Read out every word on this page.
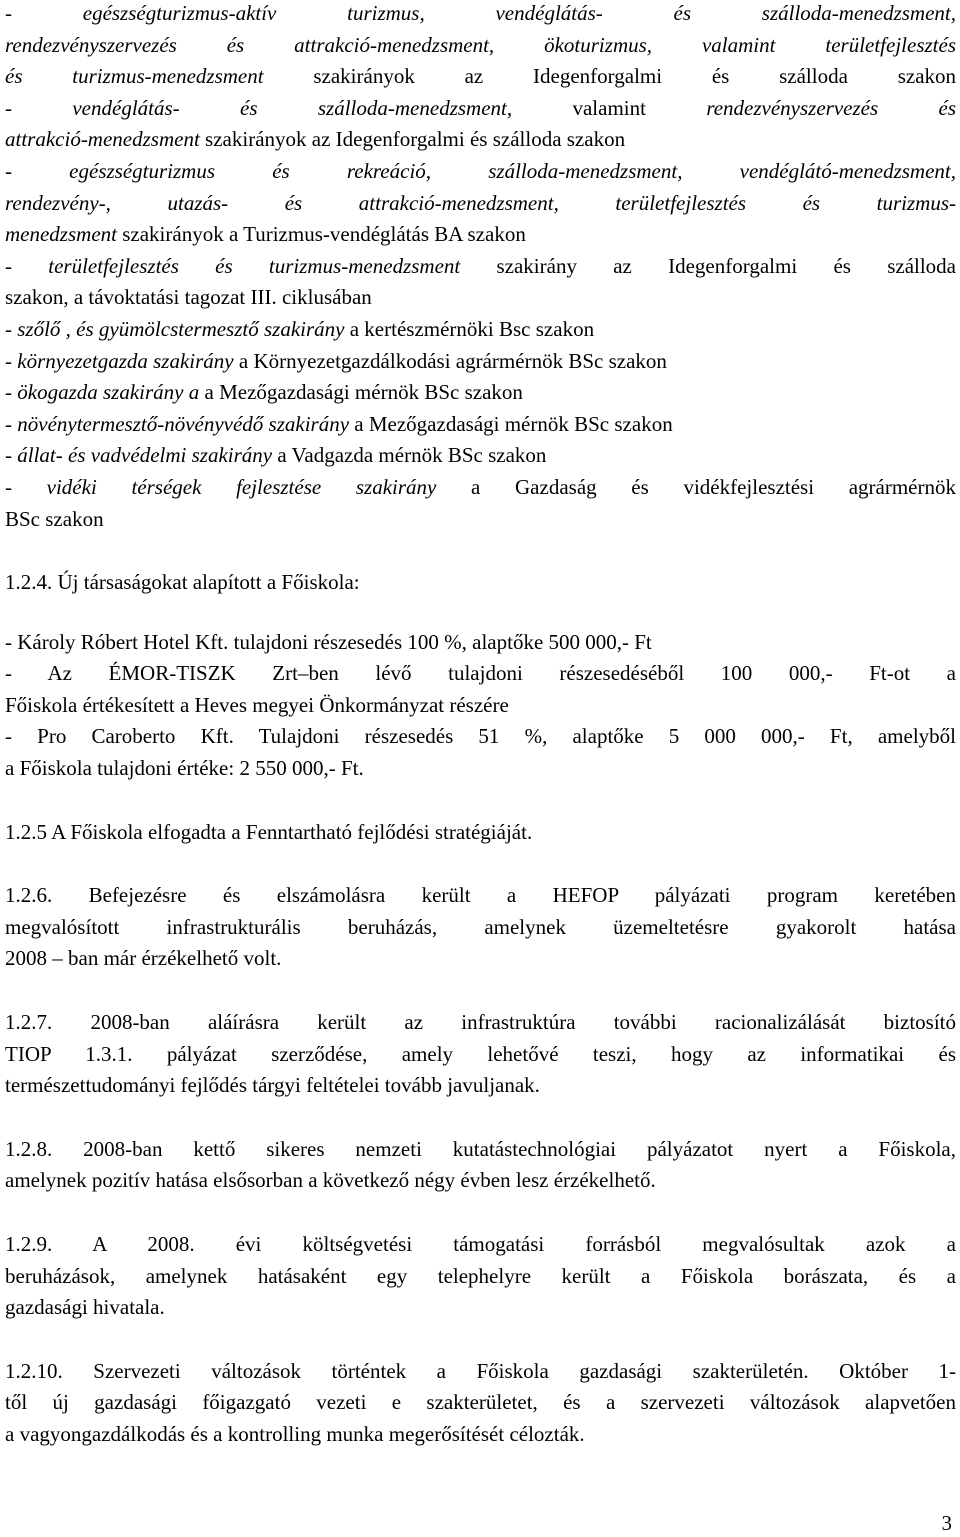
- egészségturizmus-aktív turizmus, vendéglátás- és szálloda-menedzsment,
rendezvényszervezés és attrakció-menedzsment, ökoturizmus, valamint területfejlesztés
és turizmus-menedzsment szakirányok az Idegenforgalmi és szálloda szakon
- vendéglátás- és szálloda-menedzsment, valamint rendezvényszervezés és
attrakció-menedzsment szakirányok az Idegenforgalmi és szálloda szakon
- egészségturizmus és rekreáció, szálloda-menedzsment, vendéglátó-menedzsment,
rendezvény-, utazás- és attrakció-menedzsment, területfejlesztés és turizmus-
menedzsment szakirányok a Turizmus-vendéglátás BA szakon
- területfejlesztés és turizmus-menedzsment szakirány az Idegenforgalmi és szálloda
szakon, a távoktatási tagozat III. ciklusában
- szőlő , és gyümölcstermesztő szakirány a kertészmérnöki Bsc szakon
- környezetgazda szakirány a Környezetgazdálkodási agrármérnök BSc szakon
- ökogazda szakirány a a Mezőgazdasági mérnök BSc szakon
- növénytermesztő-növényvédő szakirány a Mezőgazdasági mérnök BSc szakon
- állat- és vadvédelmi szakirány a Vadgazda mérnök BSc szakon
- vidéki térségek fejlesztése szakirány a Gazdaság és vidékfejlesztési agrármérnök
BSc szakon
1.2.4. Új társaságokat alapított a Főiskola:
- Károly Róbert Hotel Kft. tulajdoni részesedés 100 %, alaptőke 500 000,- Ft
- Az ÉMOR-TISZK Zrt–ben lévő tulajdoni részesedéséből 100 000,- Ft-ot a
Főiskola értékesített a Heves megyei Önkormányzat részére
- Pro Caroberto Kft. Tulajdoni részesedés 51 %, alaptőke 5 000 000,- Ft, amelyből
a Főiskola tulajdoni értéke: 2 550 000,- Ft.
1.2.5 A Főiskola elfogadta a Fenntartható fejlődési stratégiáját.
1.2.6. Befejezésre és elszámolásra került a HEFOP pályázati program keretében
megvalósított infrastrukturális beruházás, amelynek üzemeltetésre gyakorolt hatása
2008 – ban már érzékelhető volt.
1.2.7. 2008-ban aláírásra került az infrastruktúra további racionalizálását biztosító
TIOP 1.3.1. pályázat szerződése, amely lehetővé teszi, hogy az informatikai és
természettudományi fejlődés tárgyi feltételei tovább javuljanak.
1.2.8. 2008-ban kettő sikeres nemzeti kutatástechnológiai pályázatot nyert a Főiskola,
amelynek pozitív hatása elsősorban a következő négy évben lesz érzékelhető.
1.2.9. A 2008. évi költségvetési támogatási forrásból megvalósultak azok a
beruházások, amelynek hatásaként egy telephelyre került a Főiskola borászata, és a
gazdasági hivatala.
1.2.10. Szervezeti változások történtek a Főiskola gazdasági szakterületén. Október 1-
től új gazdasági főigazgató vezeti e szakterületet, és a szervezeti változások alapvetően
a vagyongazdálkodás és a kontrolling munka megerősítését célozták.
3
